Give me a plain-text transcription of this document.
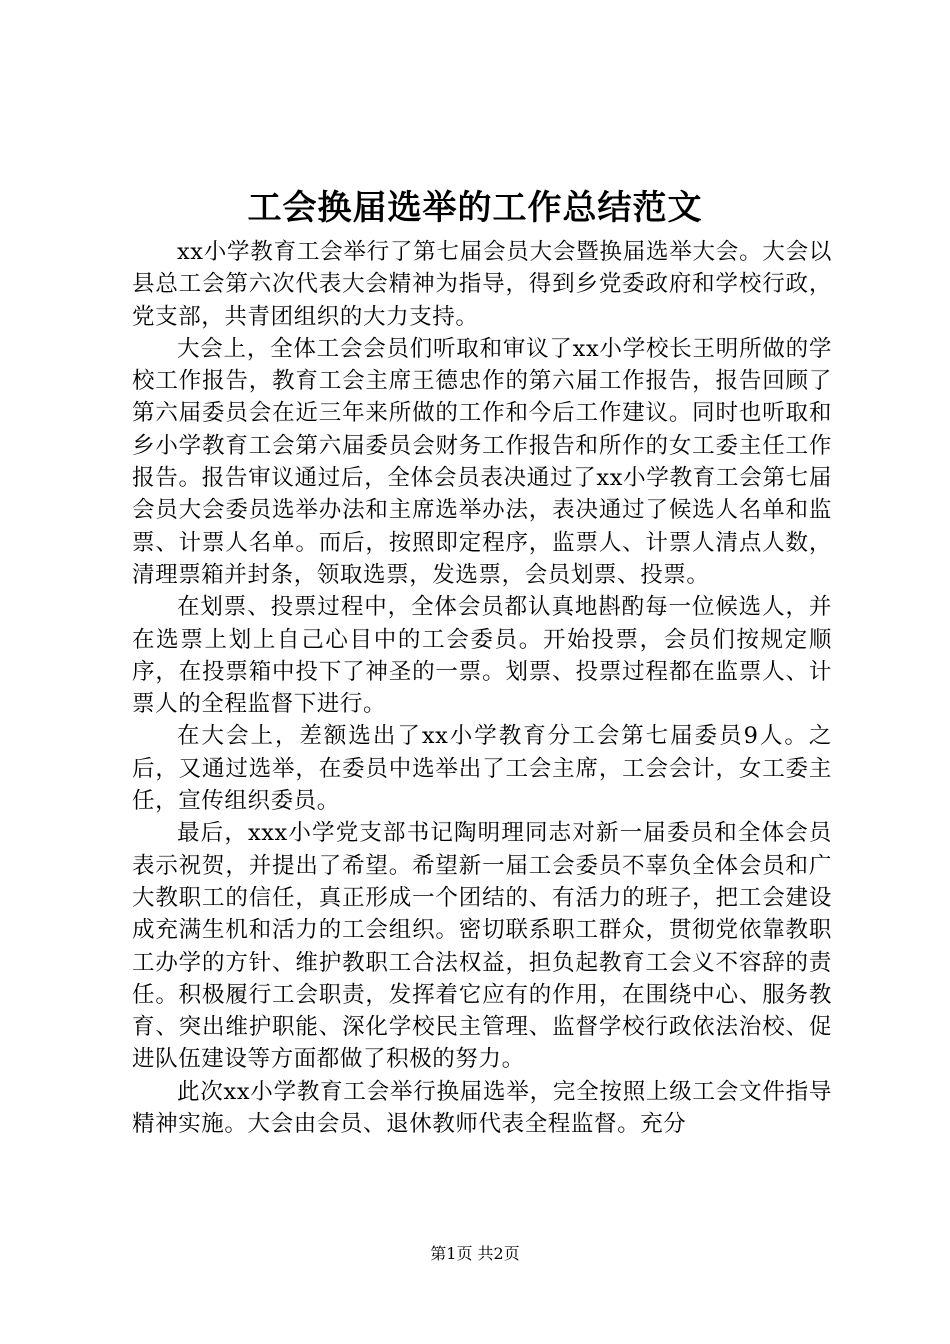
工会换届选举的工作总结范文

xx小学教育工会举行了第七届会员大会暨换届选举大会。大会以县总工会第六次代表大会精神为指导，得到乡党委政府和学校行政，党支部，共青团组织的大力支持。

大会上，全体工会会员们听取和审议了xx小学校长王明所做的学校工作报告，教育工会主席王德忠作的第六届工作报告，报告回顾了第六届委员会在近三年来所做的工作和今后工作建议。同时也听取和乡小学教育工会第六届委员会财务工作报告和所作的女工委主任工作报告。报告审议通过后，全体会员表决通过了xx小学教育工会第七届会员大会委员选举办法和主席选举办法，表决通过了候选人名单和监票、计票人名单。而后，按照即定程序，监票人、计票人清点人数，清理票箱并封条，领取选票，发选票，会员划票、投票。

在划票、投票过程中，全体会员都认真地斟酌每一位候选人，并在选票上划上自己心目中的工会委员。开始投票，会员们按规定顺序，在投票箱中投下了神圣的一票。划票、投票过程都在监票人、计票人的全程监督下进行。

在大会上，差额选出了xx小学教育分工会第七届委员9人。之后，又通过选举，在委员中选举出了工会主席，工会会计，女工委主任，宣传组织委员。

最后，xxx小学党支部书记陶明理同志对新一届委员和全体会员表示祝贺，并提出了希望。希望新一届工会委员不辜负全体会员和广大教职工的信任，真正形成一个团结的、有活力的班子，把工会建设成充满生机和活力的工会组织。密切联系职工群众，贯彻党依靠教职工办学的方针、维护教职工合法权益，担负起教育工会义不容辞的责任。积极履行工会职责，发挥着它应有的作用，在围绕中心、服务教育、突出维护职能、深化学校民主管理、监督学校行政依法治校、促进队伍建设等方面都做了积极的努力。

此次xx小学教育工会举行换届选举，完全按照上级工会文件指导精神实施。大会由会员、退休教师代表全程监督。充分

第1页 共2页
